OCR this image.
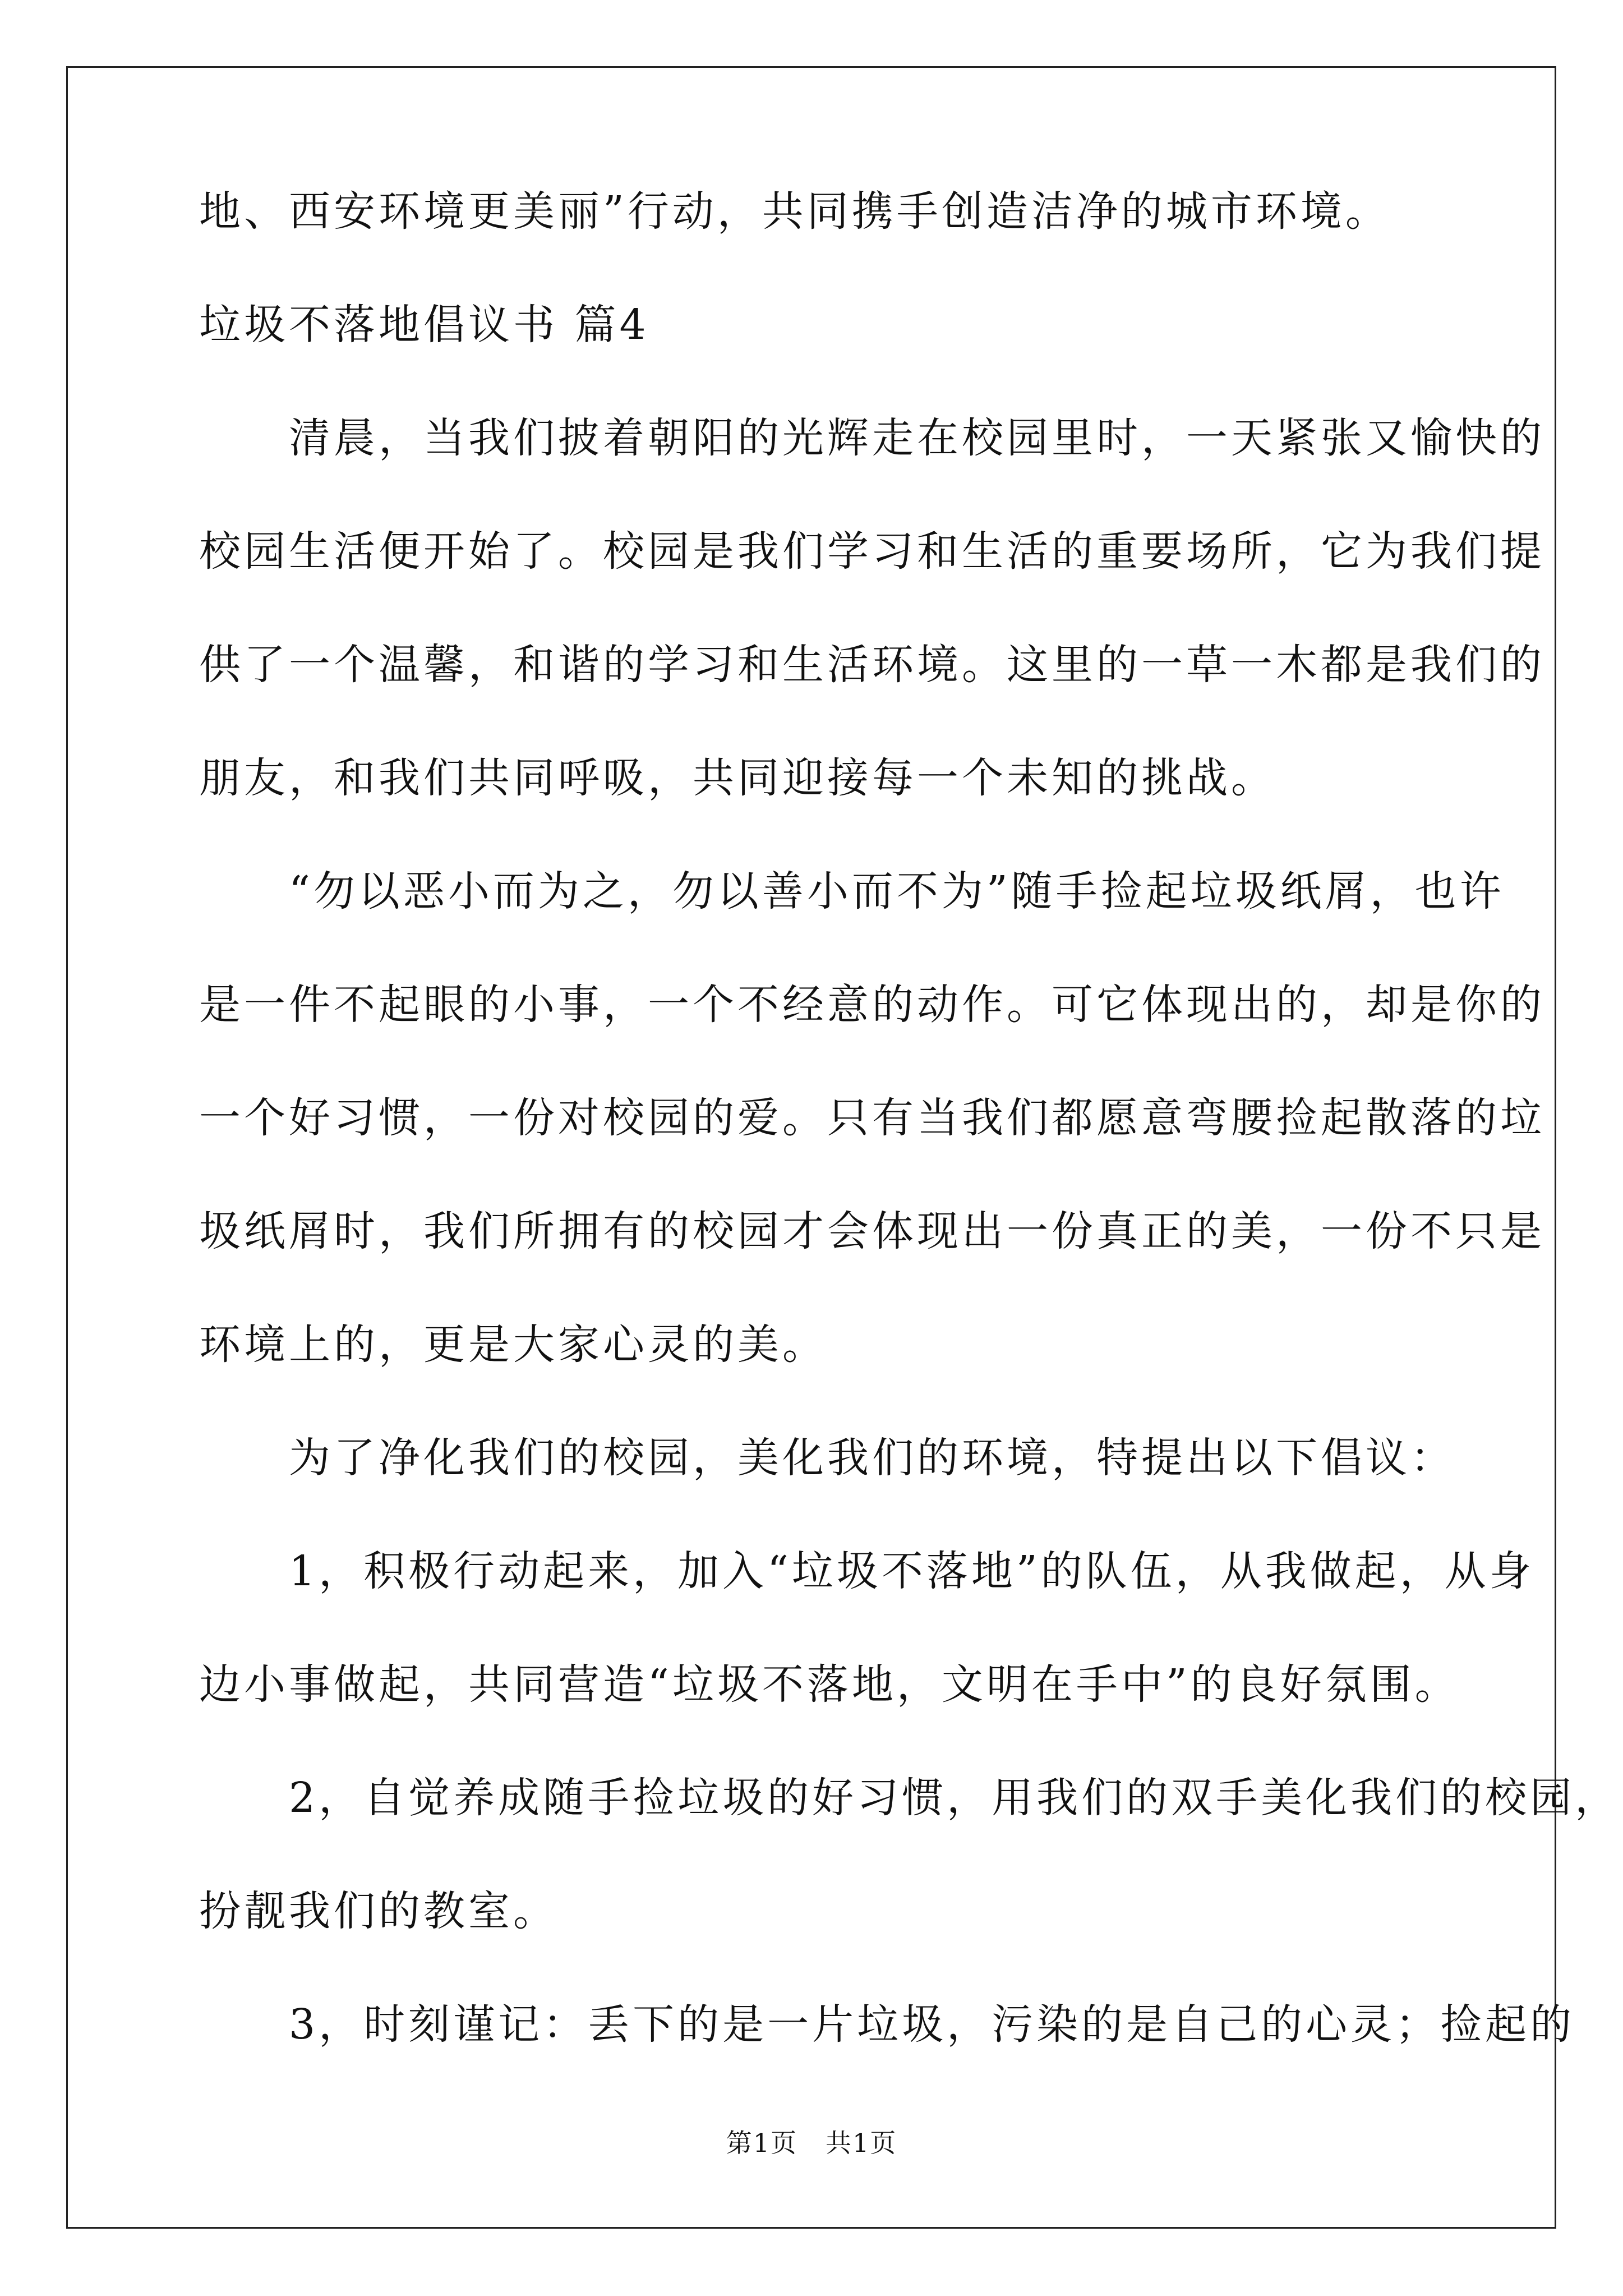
地、西安环境更美丽”行动，共同携手创造洁净的城市环境。
垃圾不落地倡议书 篇4
　　清晨，当我们披着朝阳的光辉走在校园里时，一天紧张又愉快的
校园生活便开始了。校园是我们学习和生活的重要场所，它为我们提
供了一个温馨，和谐的学习和生活环境。这里的一草一木都是我们的
朋友，和我们共同呼吸，共同迎接每一个未知的挑战。
　　“勿以恶小而为之，勿以善小而不为”随手捡起垃圾纸屑，也许
是一件不起眼的小事，一个不经意的动作。可它体现出的，却是你的
一个好习惯，一份对校园的爱。只有当我们都愿意弯腰捡起散落的垃
圾纸屑时，我们所拥有的校园才会体现出一份真正的美，一份不只是
环境上的，更是大家心灵的美。
　　为了净化我们的校园，美化我们的环境，特提出以下倡议：
　　1，积极行动起来，加入“垃圾不落地”的队伍，从我做起，从身
边小事做起，共同营造“垃圾不落地，文明在手中”的良好氛围。
　　2，自觉养成随手捡垃圾的好习惯，用我们的双手美化我们的校园，
扮靓我们的教室。
　　3，时刻谨记：丢下的是一片垃圾，污染的是自己的心灵；捡起的
第1页 共1页
